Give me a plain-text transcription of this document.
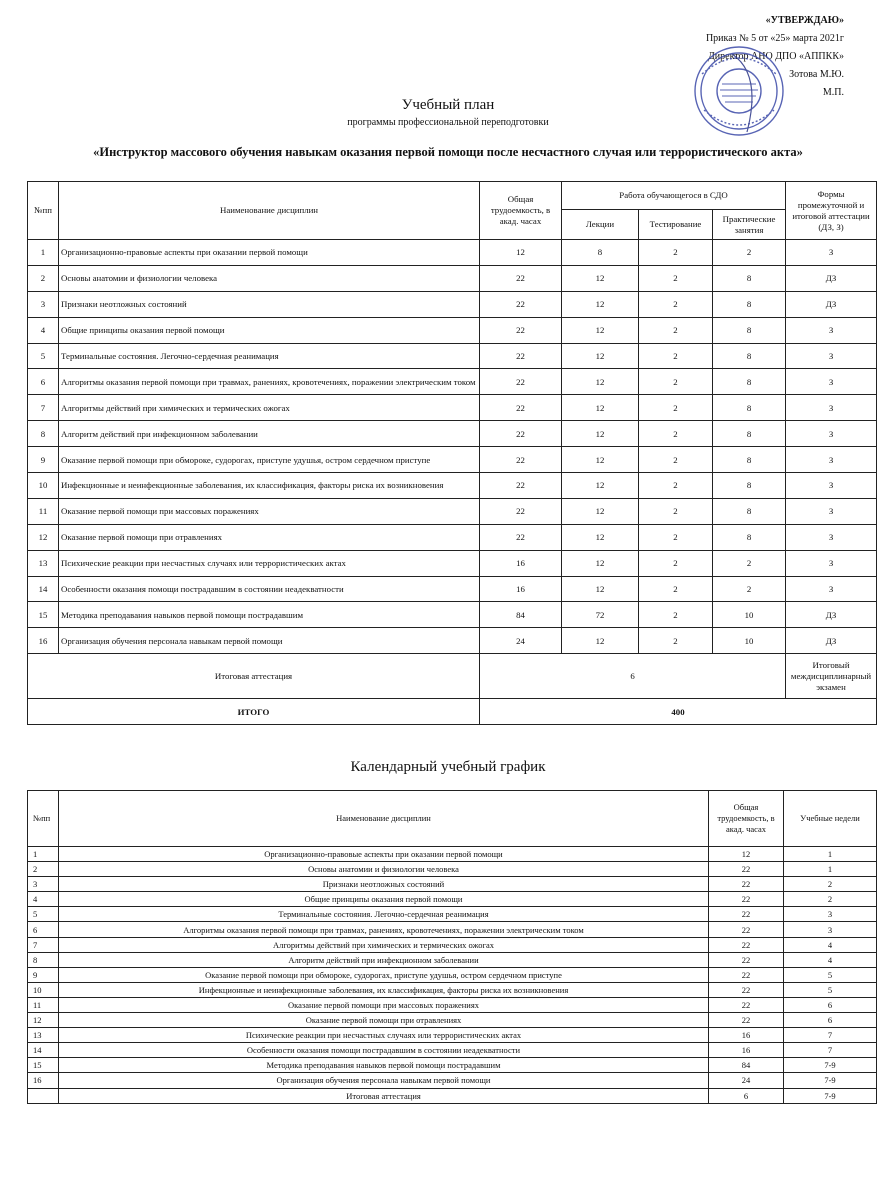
«УТВЕРЖДАЮ»
Приказ № 5 от «25» марта 2021г
Директор АНО ДПО «АППКК»
Зотова М.Ю.
М.П.
Учебный план
программы профессиональной переподготовки
«Инструктор массового обучения навыкам оказания первой помощи после несчастного случая или террористического акта»
№пп	Наименование дисциплин	Общая трудоемкость, в акад. часах	Работа обучающегося в СДО			Формы промежуточной и итоговой аттестации (ДЗ, З)
			Лекции	Тестирование	Практические занятия	
1	Организационно-правовые аспекты при оказании первой помощи	12	8	2	2	З
2	Основы анатомии и физиологии человека	22	12	2	8	ДЗ
3	Признаки неотложных состояний	22	12	2	8	ДЗ
4	Общие принципы оказания первой помощи	22	12	2	8	З
5	Терминальные состояния. Легочно-сердечная реанимация	22	12	2	8	З
6	Алгоритмы оказания первой помощи при травмах, ранениях, кровотечениях, поражении электрическим током	22	12	2	8	З
7	Алгоритмы действий при химических и термических ожогах	22	12	2	8	З
8	Алгоритм действий при инфекционном заболевании	22	12	2	8	З
9	Оказание первой помощи при обмороке, судорогах, приступе удушья, остром сердечном приступе	22	12	2	8	З
10	Инфекционные и неинфекционные заболевания, их классификация, факторы риска их возникновения	22	12	2	8	З
11	Оказание первой помощи при массовых поражениях	22	12	2	8	З
12	Оказание первой помощи при отравлениях	22	12	2	8	З
13	Психические реакции при несчастных случаях или террористических актах	16	12	2	2	З
14	Особенности оказания помощи пострадавшим в состоянии неадекватности	16	12	2	2	З
15	Методика преподавания навыков первой помощи пострадавшим	84	72	2	10	ДЗ
16	Организация обучения персонала навыкам первой помощи	24	12	2	10	ДЗ
Итоговая аттестация		6				Итоговый междисциплинарный экзамен
ИТОГО		400				
Календарный учебный график
№пп	Наименование дисциплин	Общая трудоемкость, в акад. часах	Учебные недели
1	Организационно-правовые аспекты при оказании первой помощи	12	1
2	Основы анатомии и физиологии человека	22	1
3	Признаки неотложных состояний	22	2
4	Общие принципы оказания первой помощи	22	2
5	Терминальные состояния. Легочно-сердечная реанимация	22	3
6	Алгоритмы оказания первой помощи при травмах, ранениях, кровотечениях, поражении электрическим током	22	3
7	Алгоритмы действий при химических и термических ожогах	22	4
8	Алгоритм действий при инфекционном заболевании	22	4
9	Оказание первой помощи при обмороке, судорогах, приступе удушья, остром сердечном приступе	22	5
10	Инфекционные и неинфекционные заболевания, их классификация, факторы риска их возникновения	22	5
11	Оказание первой помощи при массовых поражениях	22	6
12	Оказание первой помощи при отравлениях	22	6
13	Психические реакции при несчастных случаях или террористических актах	16	7
14	Особенности оказания помощи пострадавшим в состоянии неадекватности	16	7
15	Методика преподавания навыков первой помощи пострадавшим	84	7-9
16	Организация обучения персонала навыкам первой помощи	24	7-9
	Итоговая аттестация	6	7-9
